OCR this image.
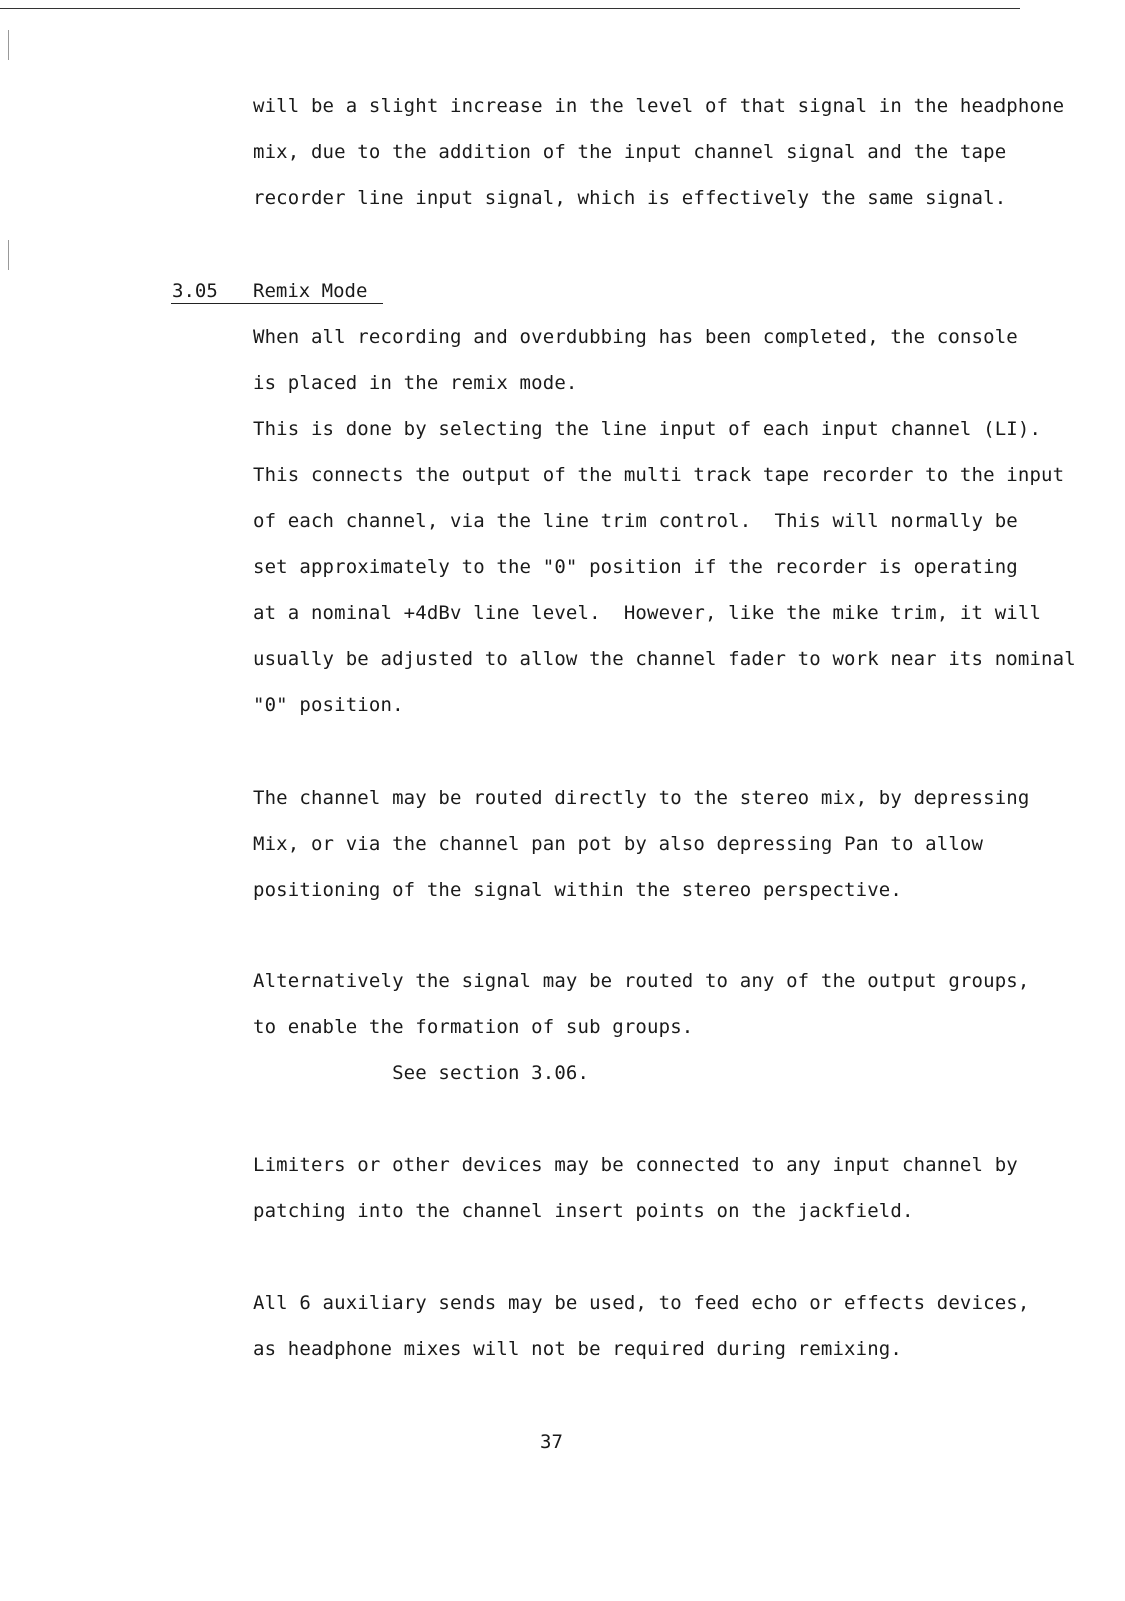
will be a slight increase in the level of that signal in the headphone
mix, due to the addition of the input channel signal and the tape
recorder line input signal, which is effectively the same signal.
3.05 Remix Mode
When all recording and overdubbing has been completed, the console
is placed in the remix mode.
This is done by selecting the line input of each input channel (LI).
This connects the output of the multi track tape recorder to the input
of each channel, via the line trim control.  This will normally be
set approximately to the "0" position if the recorder is operating
at a nominal +4dBv line level.  However, like the mike trim, it will
usually be adjusted to allow the channel fader to work near its nominal
"0" position.
The channel may be routed directly to the stereo mix, by depressing
Mix, or via the channel pan pot by also depressing Pan to allow
positioning of the signal within the stereo perspective.
Alternatively the signal may be routed to any of the output groups,
to enable the formation of sub groups.
See section 3.06.
Limiters or other devices may be connected to any input channel by
patching into the channel insert points on the jackfield.
All 6 auxiliary sends may be used, to feed echo or effects devices,
as headphone mixes will not be required during remixing.
37
